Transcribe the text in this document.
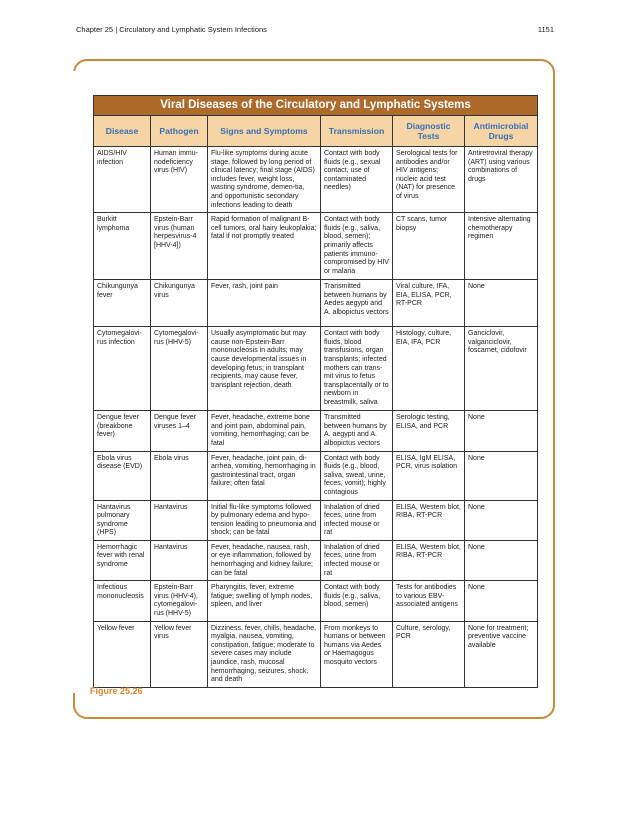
Chapter 25 | Circulatory and Lymphatic System Infections	1151
Viral Diseases of the Circulatory and Lymphatic Systems					
Disease	Pathogen	Signs and Symptoms	Transmission	Diagnostic Tests	Antimicrobial Drugs
AIDS/HIV infection	Human immu-nodeficiency virus (HIV)	Flu-like symptoms during acute stage, followed by long period of clinical latency; final stage (AIDS) includes fever, weight loss, wasting syndrome, demen-tia, and opportunistic secondary infections leading to death	Contact with body fluids (e.g., sexual contact, use of contaminated needles)	Serological tests for antibodies and/or HIV antigens; nucleic acid test (NAT) for presence of virus	Antiretroviral therapy (ART) using various combinations of drugs
Burkitt lymphoma	Epstein-Barr virus (human herpesvirus-4 [HHV-4])	Rapid formation of malignant B-cell tumors, oral hairy leukoplakia; fatal if not promptly treated	Contact with body fluids (e.g., saliva, blood, semen); primarily affects patients immuno-compromised by HIV or malaria	CT scans, tumor biopsy	Intensive alternating chemotherapy regimen
Chikungunya fever	Chikungunya virus	Fever, rash, joint pain	Transmitted between humans by Aedes aegypti and A. albopictus vectors	Viral culture, IFA, EIA, ELISA, PCR, RT-PCR	None
Cytomegalovi-rus infection	Cytomegalovi-rus (HHV-5)	Usually asymptomatic but may cause non-Epstein-Barr mononucleosis in adults; may cause developmental issues in developing fetus; in transplant recipients, may cause fever, transplant rejection, death	Contact with body fluids, blood transfusions, organ transplants; infected mothers can trans-mit virus to fetus transplacentally or to newborn in breastmilk, saliva	Histology, culture, EIA, IFA, PCR	Ganciclovir, valganciclovir, foscarnet, cidofovir
Dengue fever (breakbone fever)	Dengue fever viruses 1–4	Fever, headache, extreme bone and joint pain, abdominal pain, vomiting, hemorrhaging; can be fatal	Transmitted between humans by A. aegypti and A. albopictus vectors	Serologic testing, ELISA, and PCR	None
Ebola virus disease (EVD)	Ebola virus	Fever, headache, joint pain, di-arrhea, vomiting, hemorrhaging in gastrointestinal tract, organ failure; often fatal	Contact with body fluids (e.g., blood, saliva, sweat, urine, feces, vomit); highly contagious	ELISA, IgM ELISA, PCR, virus isolation	None
Hantavirus pulmonary syndrome (HPS)	Hantavirus	Initial flu-like symptoms followed by pulmonary edema and hypo-tension leading to pneumonia and shock; can be fatal	Inhalation of dried feces, urine from infected mouse or rat	ELISA, Western blot, RIBA, RT-PCR	None
Hemorrhagic fever with renal syndrome	Hantavirus	Fever, headache, nausea, rash, or eye inflammation, followed by hemorrhaging and kidney failure; can be fatal	Inhalation of dried feces, urine from infected mouse or rat	ELISA, Western blot, RIBA, RT-PCR	None
Infectious mononucleosis	Epstein-Barr virus (HHV-4), cytomegalovi-rus (HHV-5)	Pharyngitis, fever, extreme fatigue; swelling of lymph nodes, spleen, and liver	Contact with body fluids (e.g., saliva, blood, semen)	Tests for antibodies to various EBV-associated antigens	None
Yellow fever	Yellow fever virus	Dizziness, fever, chills, headache, myalgia, nausea, vomiting, constipation, fatigue; moderate to severe cases may include jaundice, rash, mucosal hemorrhaging, seizures, shock, and death	From monkeys to humans or between humans via Aedes or Haemagogus mosquito vectors	Culture, serology, PCR	None for treatment; preventive vaccine available
Figure 25.26
